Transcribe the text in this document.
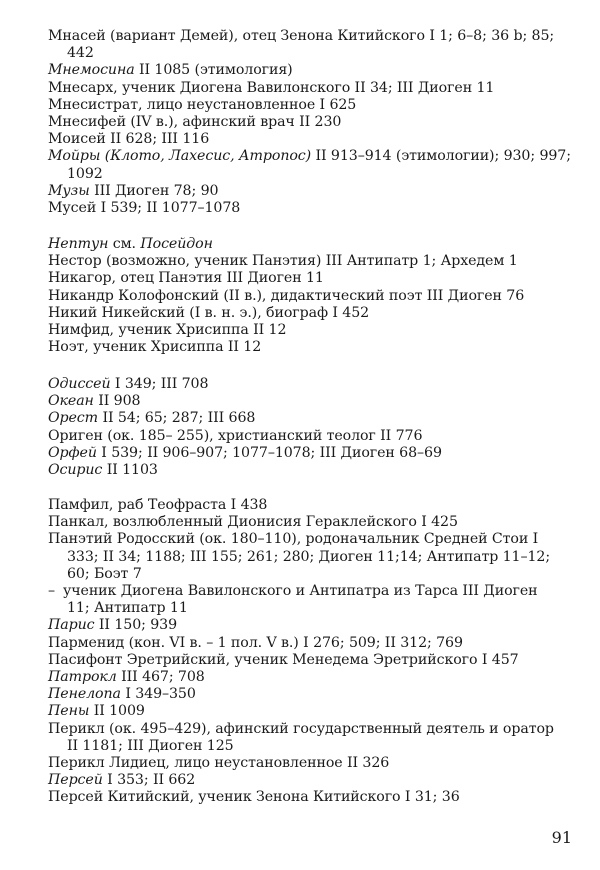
Мнасей (вариант Демей), отец Зенона Китийского I 1; 6–8; 36 b; 85;
442
Мнемосина II 1085 (этимология)
Мнесарх, ученик Диогена Вавилонского II 34; III Диоген 11
Мнесистрат, лицо неустановленное I 625
Мнесифей (IV в.), афинский врач II 230
Моисей II 628; III 116
Мойры (Клото, Лахесис, Атропос) II 913–914 (этимологии); 930; 997;
1092
Музы III Диоген 78; 90
Мусей I 539; II 1077–1078
Нептун см. Посейдон
Нестор (возможно, ученик Панэтия) III Антипатр 1; Архедем 1
Никагор, отец Панэтия III Диоген 11
Никандр Колофонский (II в.), дидактический поэт III Диоген 76
Никий Никейский (I в. н. э.), биограф I 452
Нимфид, ученик Хрисиппа II 12
Ноэт, ученик Хрисиппа II 12
Одиссей I 349; III 708
Океан II 908
Орест II 54; 65; 287; III 668
Ориген (ок. 185– 255), христианский теолог II 776
Орфей I 539; II 906–907; 1077–1078; III Диоген 68–69
Осирис II 1103
Памфил, раб Теофраста I 438
Панкал, возлюбленный Дионисия Гераклейского I 425
Панэтий Родосский (ок. 180–110), родоначальник Средней Стои I
333; II 34; 1188; III 155; 261; 280; Диоген 11;14; Антипатр 11–12;
60; Боэт 7
– ученик Диогена Вавилонского и Антипатра из Тарса III Диоген
11; Антипатр 11
Парис II 150; 939
Парменид (кон. VI в. – 1 пол. V в.) I 276; 509; II 312; 769
Пасифонт Эретрийский, ученик Менедема Эретрийского I 457
Патрокл III 467; 708
Пенелопа I 349–350
Пены II 1009
Перикл (ок. 495–429), афинский государственный деятель и оратор
II 1181; III Диоген 125
Перикл Лидиец, лицо неустановленное II 326
Персей I 353; II 662
Персей Китийский, ученик Зенона Китийского I 31; 36
91
